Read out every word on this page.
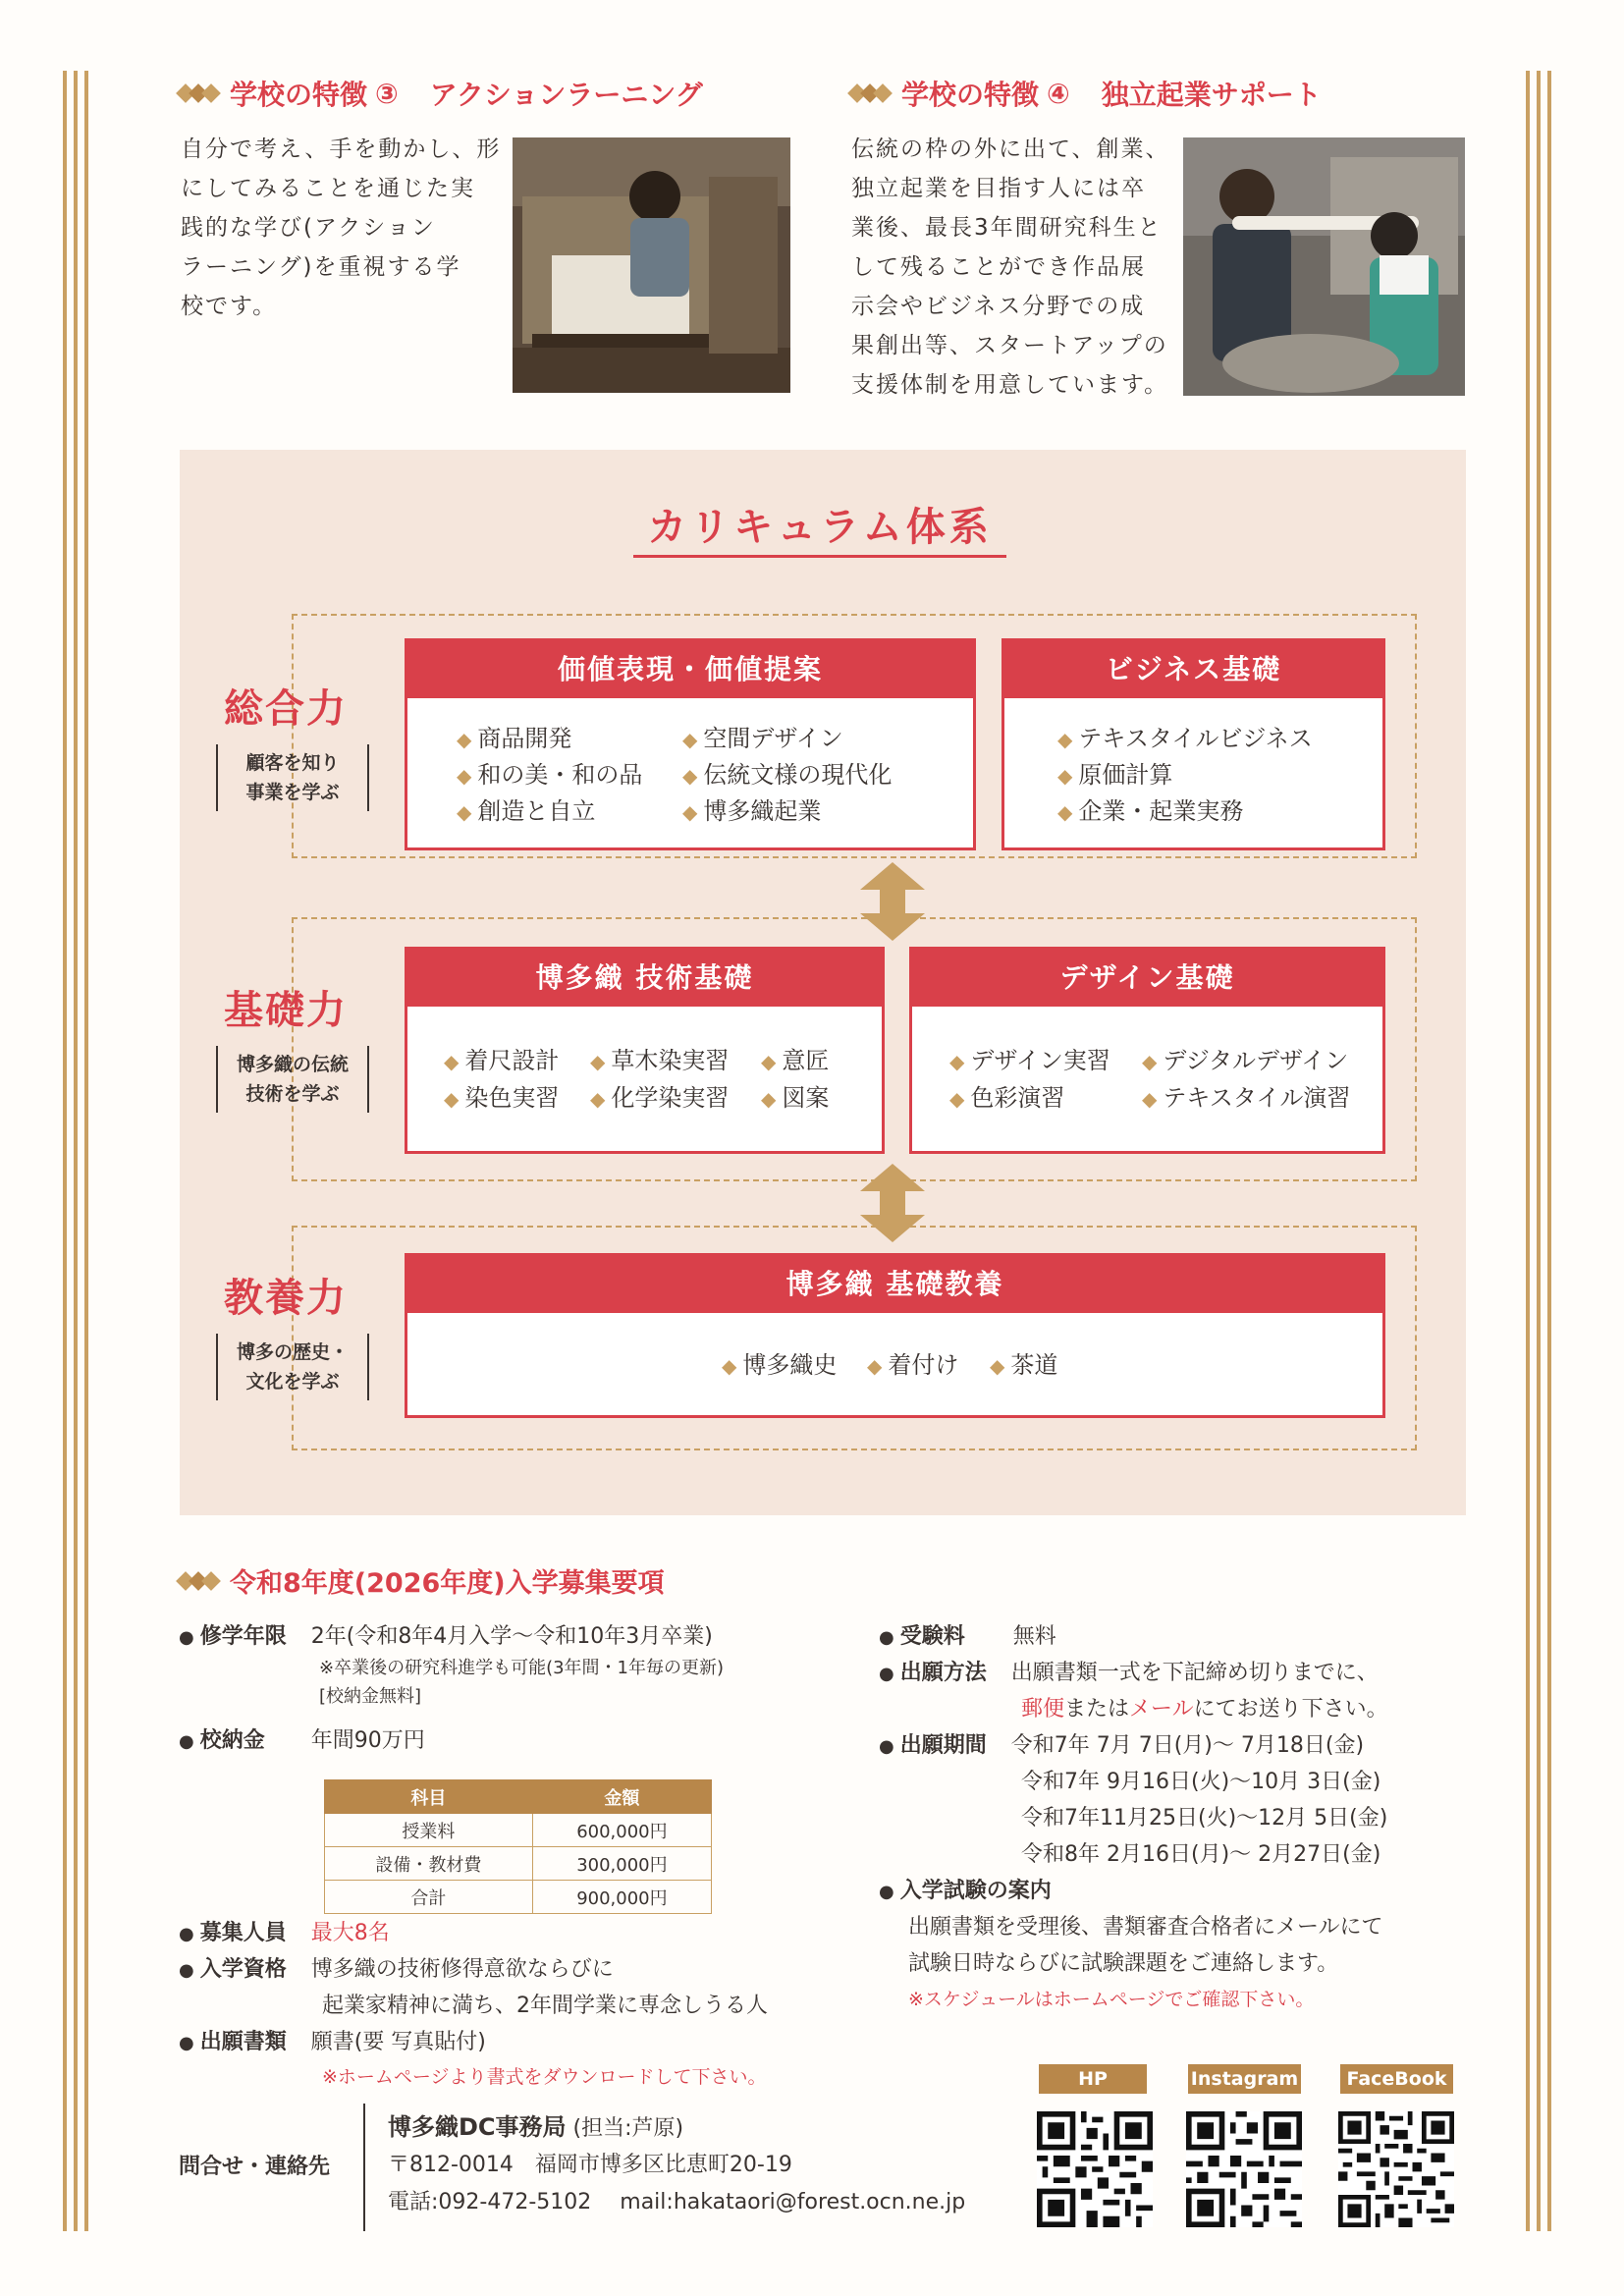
学校の特徴 ③ アクションラーニング
自分で考え、手を動かし、形
にしてみることを通じた実
践的な学び(アクション
ラーニング)を重視する学
校です。
学校の特徴 ④ 独立起業サポート
伝統の枠の外に出て、創業、
独立起業を目指す人には卒
業後、最長3年間研究科生と
して残ることができ作品展
示会やビジネス分野での成
果創出等、スタートアップの
支援体制を用意しています。
カリキュラム体系
総合力
顧客を知り
事業を学ぶ
基礎力
博多織の伝統
技術を学ぶ
教養力
博多の歴史・
文化を学ぶ
価値表現・価値提案
◆ 商品開発
◆ 和の美・和の品
◆ 創造と自立
◆ 空間デザイン
◆ 伝統文様の現代化
◆ 博多織起業
ビジネス基礎
◆ テキスタイルビジネス
◆ 原価計算
◆ 企業・起業実務
博多織 技術基礎
◆ 着尺設計
◆ 染色実習
◆ 草木染実習
◆ 化学染実習
◆ 意匠
◆ 図案
デザイン基礎
◆ デザイン実習
◆ 色彩演習
◆ デジタルデザイン
◆ テキスタイル演習
博多織 基礎教養
◆ 博多織史	◆ 着付け	◆ 茶道
令和8年度(2026年度)入学募集要項
● 修学年限 2年(令和8年4月入学～令和10年3月卒業)
※卒業後の研究科進学も可能(3年間・1年毎の更新)
[校納金無料]
● 校納金 年間90万円
科目	金額
授業料	600,000円
設備・教材費	300,000円
合計	900,000円
● 募集人員 最大8名
● 入学資格 博多織の技術修得意欲ならびに
起業家精神に満ち、2年間学業に専念しうる人
● 出願書類 願書(要 写真貼付)
※ホームページより書式をダウンロードして下さい。
● 受験料 無料
● 出願方法 出願書類一式を下記締め切りまでに、
郵便またはメールにてお送り下さい。
● 出願期間 令和7年 7月 7日(月)～ 7月18日(金)
令和7年 9月16日(火)～10月 3日(金)
令和7年11月25日(火)～12月 5日(金)
令和8年 2月16日(月)～ 2月27日(金)
● 入学試験の案内
出願書類を受理後、書類審査合格者にメールにて
試験日時ならびに試験課題をご連絡します。
※スケジュールはホームページでご確認下さい。
問合せ・連絡先
博多織DC事務局 (担当:芦原)
〒812-0014　福岡市博多区比恵町20-19
電話:092-472-5102 mail:hakataori@forest.ocn.ne.jp
HP	Instagram	FaceBook
